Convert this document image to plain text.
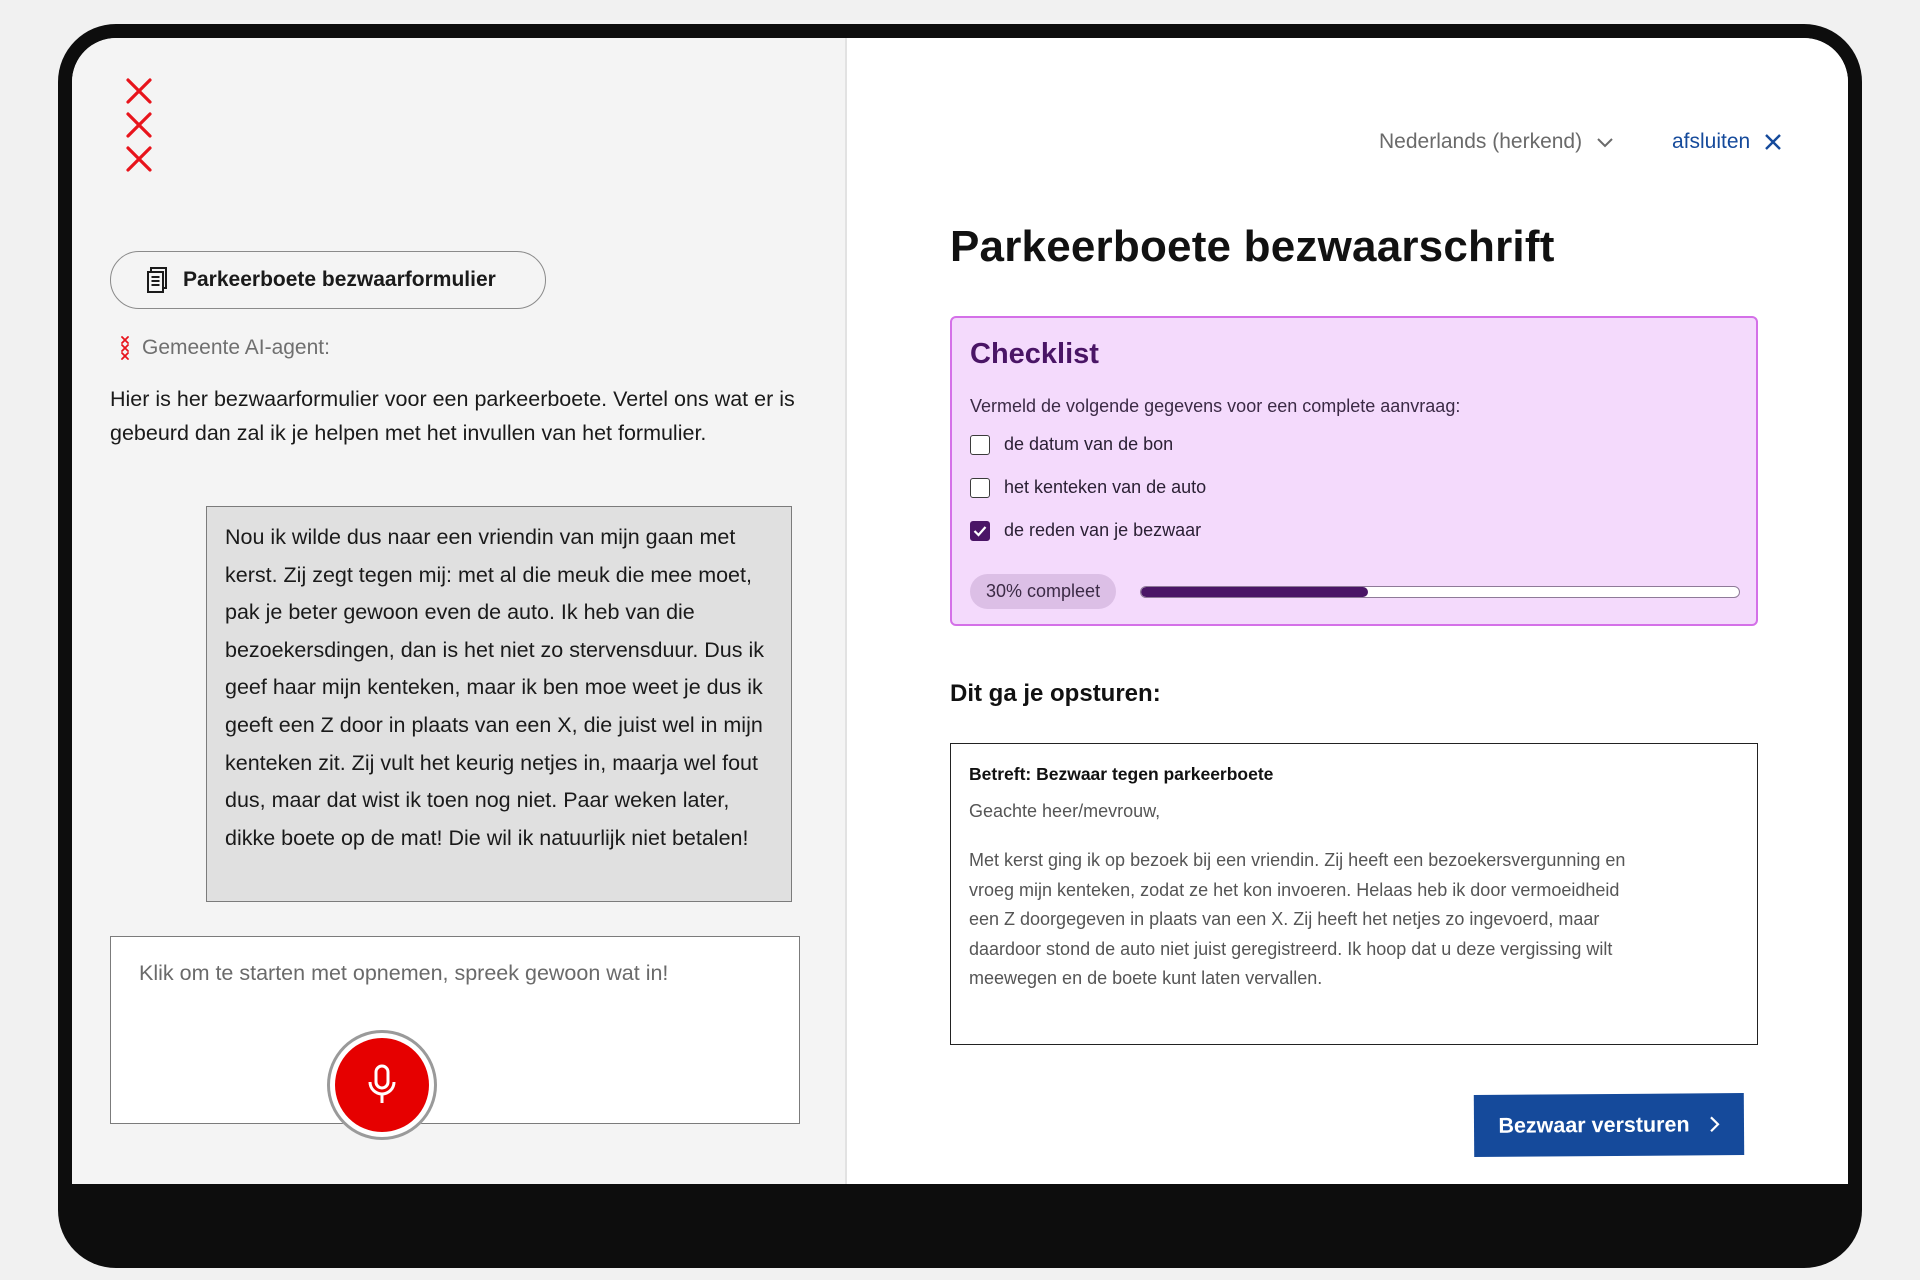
Parkeerboete bezwaarformulier
Gemeente AI-agent:
Hier is her bezwaarformulier voor een parkeerboete. Vertel ons wat er is gebeurd dan zal ik je helpen met het invullen van het formulier.
Nou ik wilde dus naar een vriendin van mijn gaan met kerst. Zij zegt tegen mij: met al die meuk die mee moet, pak je beter gewoon even de auto. Ik heb van die bezoekersdingen, dan is het niet zo stervensduur. Dus ik geef haar mijn kenteken, maar ik ben moe weet je dus ik geeft een Z door in plaats van een X, die juist wel in mijn kenteken zit. Zij vult het keurig netjes in, maarja wel fout dus, maar dat wist ik toen nog niet. Paar weken later, dikke boete op de mat! Die wil ik natuurlijk niet betalen!
Klik om te starten met opnemen, spreek gewoon wat in!
Nederlands (herkend)	afsluiten
Parkeerboete bezwaarschrift
Checklist
Vermeld de volgende gegevens voor een complete aanvraag:
de datum van de bon
het kenteken van de auto
de reden van je bezwaar
30% compleet
Dit ga je opsturen:
Betreft: Bezwaar tegen parkeerboete
Geachte heer/mevrouw,
Met kerst ging ik op bezoek bij een vriendin. Zij heeft een bezoekersvergunning en vroeg mijn kenteken, zodat ze het kon invoeren. Helaas heb ik door vermoeidheid een Z doorgegeven in plaats van een X. Zij heeft het netjes zo ingevoerd, maar daardoor stond de auto niet juist geregistreerd. Ik hoop dat u deze vergissing wilt meewegen en de boete kunt laten vervallen.
Bezwaar versturen
